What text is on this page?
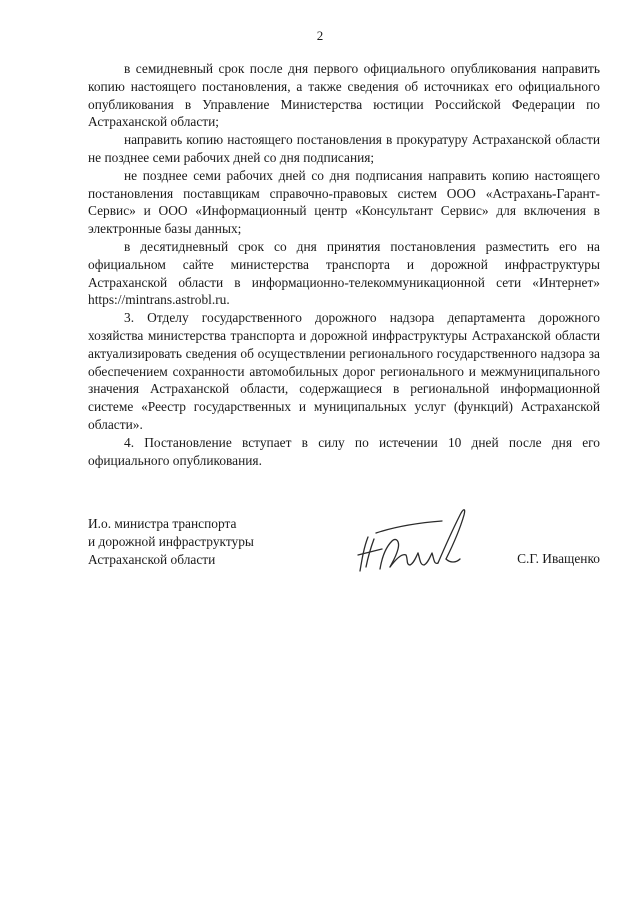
2

в семидневный срок после дня первого официального опубликования направить копию настоящего постановления, а также сведения об источниках его официального опубликования в Управление Министерства юстиции Российской Федерации по Астраханской области;

направить копию настоящего постановления в прокуратуру Астраханской области не позднее семи рабочих дней со дня подписания;

не позднее семи рабочих дней со дня подписания направить копию настоящего постановления поставщикам справочно-правовых систем ООО «Астрахань-Гарант-Сервис» и ООО «Информационный центр «Консультант Сервис» для включения в электронные базы данных;

в десятидневный срок со дня принятия постановления разместить его на официальном сайте министерства транспорта и дорожной инфраструктуры Астраханской области в информационно-телекоммуникационной сети «Интернет» https://mintrans.astrobl.ru.

3. Отделу государственного дорожного надзора департамента дорожного хозяйства министерства транспорта и дорожной инфраструктуры Астраханской области актуализировать сведения об осуществлении регионального государственного надзора за обеспечением сохранности автомобильных дорог регионального и межмуниципального значения Астраханской области, содержащиеся в региональной информационной системе «Реестр государственных и муниципальных услуг (функций) Астраханской области».

4. Постановление вступает в силу по истечении 10 дней после дня его официального опубликования.

И.о. министра транспорта
и дорожной инфраструктуры
Астраханской области	С.Г. Иващенко
